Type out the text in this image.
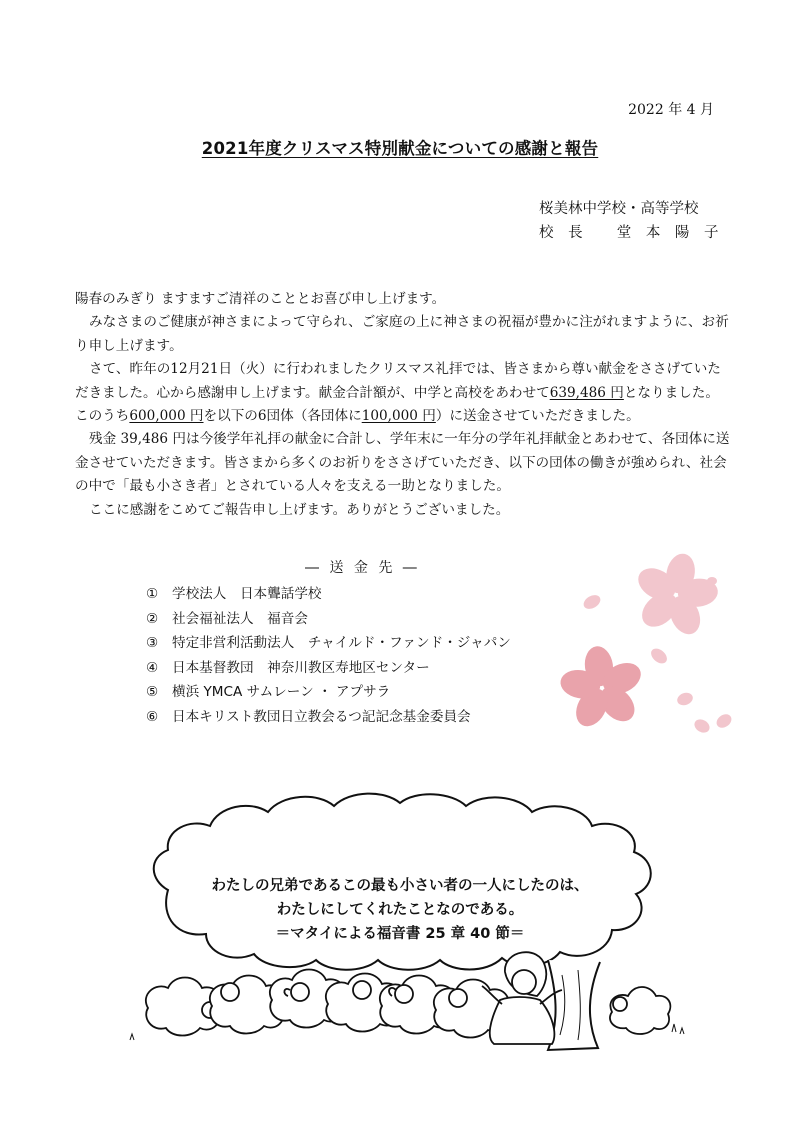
2022 年 4 月
2021年度クリスマス特別献金についての感謝と報告
桜美林中学校・高等学校
校 長　 堂 本 陽 子

陽春のみぎり ますますご清祥のこととお喜び申し上げます。

みなさまのご健康が神さまによって守られ、ご家庭の上に神さまの祝福が豊かに注がれますように、お祈り申し上げます。

さて、昨年の12月21日（火）に行われましたクリスマス礼拝では、皆さまから尊い献金をささげていただきました。心から感謝申し上げます。献金合計額が、中学と高校をあわせて639,486 円となりました。このうち600,000 円を以下の6団体（各団体に100,000 円）に送金させていただきました。

残金 39,486 円は今後学年礼拝の献金に合計し、学年末に一年分の学年礼拝献金とあわせて、各団体に送金させていただきます。皆さまから多くのお祈りをささげていただき、以下の団体の働きが強められ、社会の中で「最も小さき者」とされている人々を支える一助となりました。

ここに感謝をこめてご報告申し上げます。ありがとうございました。

― 送 金 先 ―
①	学校法人　日本聾話学校
②	社会福祉法人　福音会
③	特定非営利活動法人　チャイルド・ファンド・ジャパン
④	日本基督教団　神奈川教区寿地区センター
⑤	横浜 YMCA サムレーン ・ アプサラ
⑥	日本キリスト教団日立教会るつ記記念基金委員会
わたしの兄弟であるこの最も小さい者の一人にしたのは、
わたしにしてくれたことなのである。
＝マタイによる福音書 25 章 40 節＝
